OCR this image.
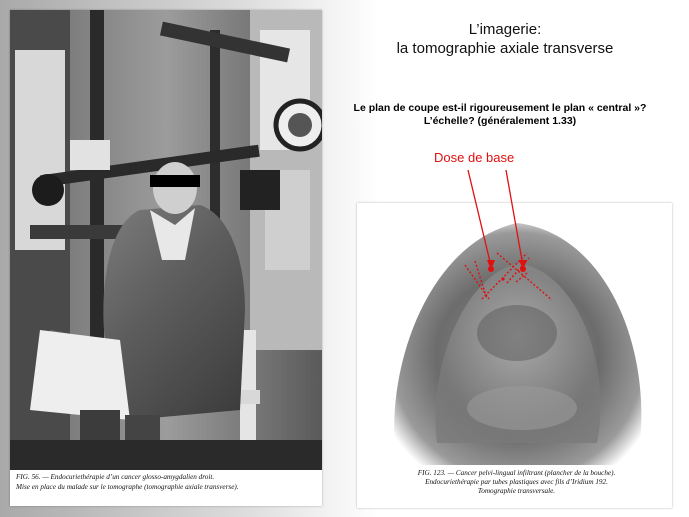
L’imagerie:
la tomographie axiale transverse
Le plan de coupe est-il rigoureusement le plan « central »?
L’échelle? (généralement 1.33)
Dose de base
FIG. 56. — Endocuriethérapie d’un cancer glosso-amygdalien droit.
Mise en place du malade sur le tomographe (tomographie axiale transverse).
FIG. 123. — Cancer pelvi-lingual infiltrant (plancher de la bouche).
Endocuriethérapie par tubes plastiques avec fils d’Iridium 192.
Tomographie transversale.
